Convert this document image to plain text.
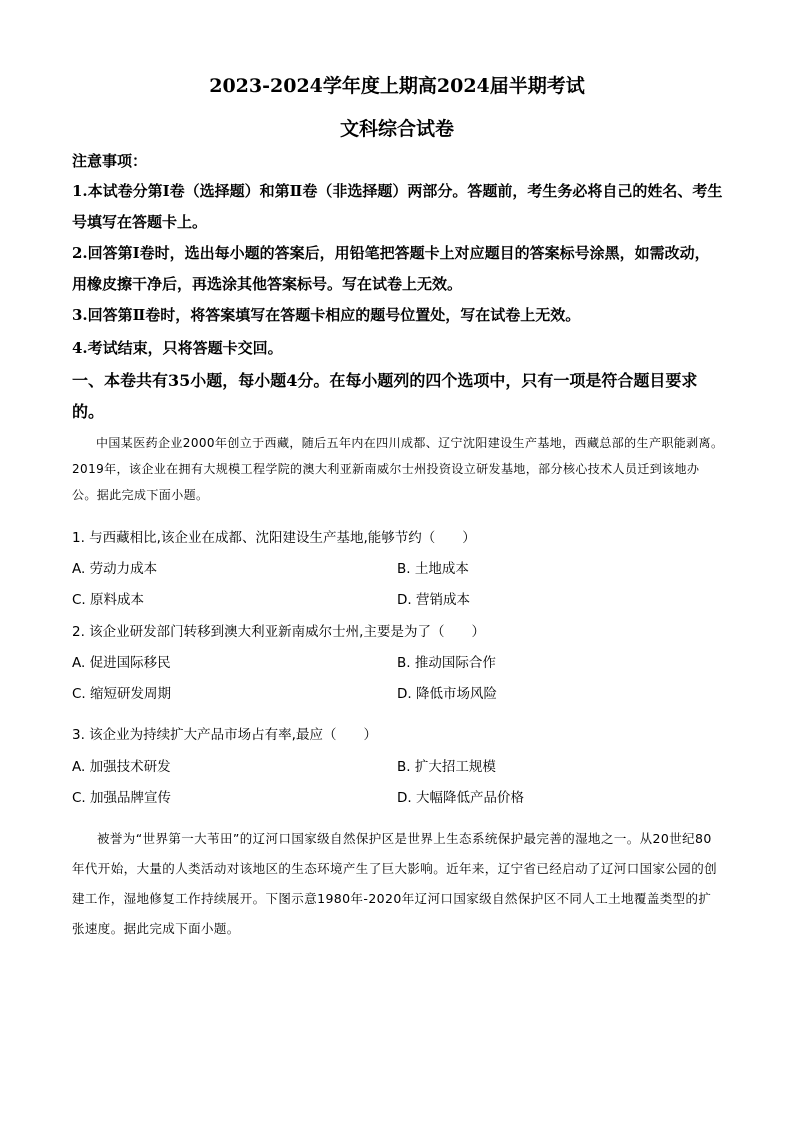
2023-2024学年度上期高2024届半期考试
文科综合试卷
注意事项：
1.本试卷分第Ⅰ卷（选择题）和第Ⅱ卷（非选择题）两部分。答题前，考生务必将自己的姓名、考生号填写在答题卡上。
2.回答第Ⅰ卷时，选出每小题的答案后，用铅笔把答题卡上对应题目的答案标号涂黑，如需改动，用橡皮擦干净后，再选涂其他答案标号。写在试卷上无效。
3.回答第Ⅱ卷时，将答案填写在答题卡相应的题号位置处，写在试卷上无效。
4.考试结束，只将答题卡交回。
一、本卷共有35小题，每小题4分。在每小题列的四个选项中，只有一项是符合题目要求的。
中国某医药企业2000年创立于西藏，随后五年内在四川成都、辽宁沈阳建设生产基地，西藏总部的生产职能剥离。2019年，该企业在拥有大规模工程学院的澳大利亚新南威尔士州投资设立研发基地，部分核心技术人员迁到该地办公。据此完成下面小题。
1. 与西藏相比,该企业在成都、沈阳建设生产基地,能够节约（　　）
A. 劳动力成本	B. 土地成本
C. 原料成本	D. 营销成本
2. 该企业研发部门转移到澳大利亚新南威尔士州,主要是为了（　　）
A. 促进国际移民	B. 推动国际合作
C. 缩短研发周期	D. 降低市场风险
3. 该企业为持续扩大产品市场占有率,最应（　　）
A. 加强技术研发	B. 扩大招工规模
C. 加强品牌宣传	D. 大幅降低产品价格
被誉为“世界第一大苇田”的辽河口国家级自然保护区是世界上生态系统保护最完善的湿地之一。从20世纪80年代开始，大量的人类活动对该地区的生态环境产生了巨大影响。近年来，辽宁省已经启动了辽河口国家公园的创建工作，湿地修复工作持续展开。下图示意1980年-2020年辽河口国家级自然保护区不同人工土地覆盖类型的扩张速度。据此完成下面小题。
